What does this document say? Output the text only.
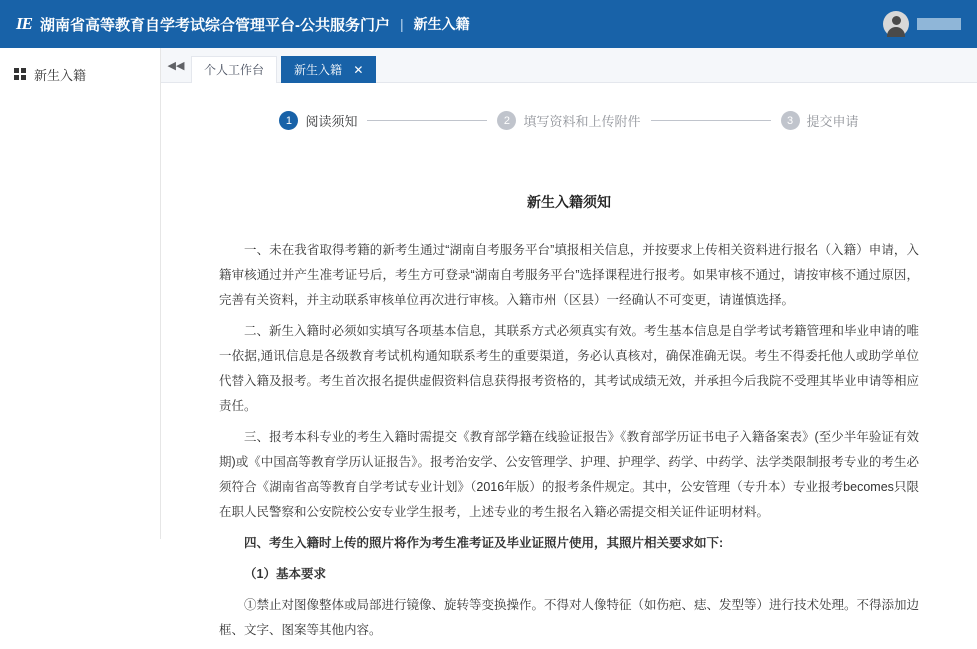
IE 湖南省高等教育自学考试综合管理平台-公共服务门户 | 新生入籍
新生入籍
◀◀	个人工作台	新生入籍 ✕
1	阅读须知	2	填写资料和上传附件	3	提交申请
新生入籍须知

一、未在我省取得考籍的新考生通过“湖南自考服务平台”填报相关信息，并按要求上传相关资料进行报名（入籍）申请，入籍审核通过并产生准考证号后，考生方可登录“湖南自考服务平台”选择课程进行报考。如果审核不通过，请按审核不通过原因，完善有关资料，并主动联系审核单位再次进行审核。入籍市州（区县）一经确认不可变更，请谨慎选择。

二、新生入籍时必须如实填写各项基本信息，其联系方式必须真实有效。考生基本信息是自学考试考籍管理和毕业申请的唯一依据,通讯信息是各级教育考试机构通知联系考生的重要渠道，务必认真核对，确保准确无误。考生不得委托他人或助学单位代替入籍及报考。考生首次报名提供虚假资料信息获得报考资格的，其考试成绩无效，并承担今后我院不受理其毕业申请等相应责任。

三、报考本科专业的考生入籍时需提交《教育部学籍在线验证报告》《教育部学历证书电子入籍备案表》(至少半年验证有效期)或《中国高等教育学历认证报告》。报考治安学、公安管理学、护理、护理学、药学、中药学、法学类限制报考专业的考生必须符合《湖南省高等教育自学考试专业计划》（2016年版）的报考条件规定。其中，公安管理（专升本）专业报考becomes只限在职人民警察和公安院校公安专业学生报考，上述专业的考生报名入籍必需提交相关证件证明材料。

四、考生入籍时上传的照片将作为考生准考证及毕业证照片使用，其照片相关要求如下:

（1）基本要求

①禁止对图像整体或局部进行镜像、旋转等变换操作。不得对人像特征（如伤疤、痣、发型等）进行技术处理。不得添加边框、文字、图案等其他内容。
